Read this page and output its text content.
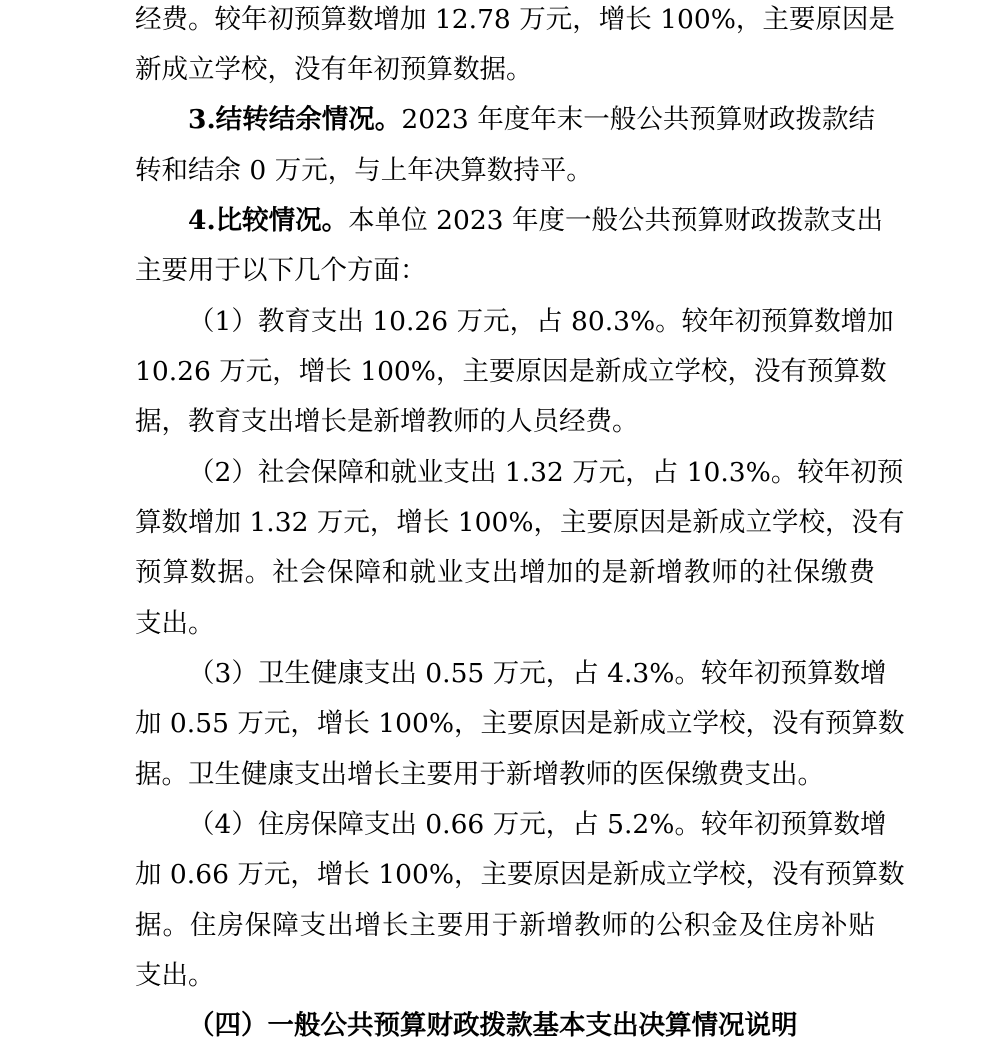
经费。较年初预算数增加 12.78 万元，增长 100%，主要原因是
新成立学校，没有年初预算数据。
3.结转结余情况。2023 年度年末一般公共预算财政拨款结
转和结余 0 万元，与上年决算数持平。
4.比较情况。本单位 2023 年度一般公共预算财政拨款支出
主要用于以下几个方面：
（1）教育支出 10.26 万元，占 80.3%。较年初预算数增加
10.26 万元，增长 100%，主要原因是新成立学校，没有预算数
据，教育支出增长是新增教师的人员经费。
（2）社会保障和就业支出 1.32 万元，占 10.3%。较年初预
算数增加 1.32 万元，增长 100%，主要原因是新成立学校，没有
预算数据。社会保障和就业支出增加的是新增教师的社保缴费
支出。
（3）卫生健康支出 0.55 万元，占 4.3%。较年初预算数增
加 0.55 万元，增长 100%，主要原因是新成立学校，没有预算数
据。卫生健康支出增长主要用于新增教师的医保缴费支出。
（4）住房保障支出 0.66 万元，占 5.2%。较年初预算数增
加 0.66 万元，增长 100%，主要原因是新成立学校，没有预算数
据。住房保障支出增长主要用于新增教师的公积金及住房补贴
支出。
（四）一般公共预算财政拨款基本支出决算情况说明
